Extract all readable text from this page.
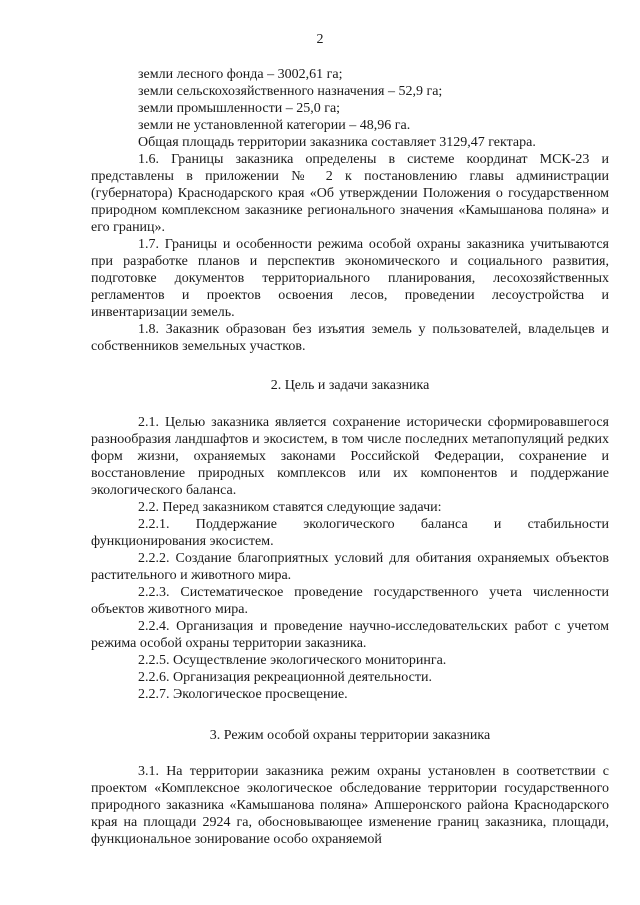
2

земли лесного фонда – 3002,61 га;

земли сельскохозяйственного назначения – 52,9 га;

земли промышленности – 25,0 га;

земли не установленной категории – 48,96 га.

Общая площадь территории заказника составляет 3129,47 гектара.

1.6. Границы заказника определены в системе координат МСК-23 и представлены в приложении № 2 к постановлению главы администрации (губернатора) Краснодарского края «Об утверждении Положения о государственном природном комплексном заказнике регионального значения «Камышанова поляна» и его границ».

1.7. Границы и особенности режима особой охраны заказника учитываются при разработке планов и перспектив экономического и социального развития, подготовке документов территориального планирования, лесохозяйственных регламентов и проектов освоения лесов, проведении лесоустройства и инвентаризации земель.

1.8. Заказник образован без изъятия земель у пользователей, владельцев и собственников земельных участков.

2. Цель и задачи заказника

2.1. Целью заказника является сохранение исторически сформировавшегося разнообразия ландшафтов и экосистем, в том числе последних метапопуляций редких форм жизни, охраняемых законами Российской Федерации, сохранение и восстановление природных комплексов или их компонентов и поддержание экологического баланса.

2.2. Перед заказником ставятся следующие задачи:

2.2.1. Поддержание экологического баланса и стабильности функционирования экосистем.

2.2.2. Создание благоприятных условий для обитания охраняемых объектов растительного и животного мира.

2.2.3. Систематическое проведение государственного учета численности объектов животного мира.

2.2.4. Организация и проведение научно-исследовательских работ с учетом режима особой охраны территории заказника.

2.2.5. Осуществление экологического мониторинга.

2.2.6. Организация рекреационной деятельности.

2.2.7. Экологическое просвещение.

3. Режим особой охраны территории заказника

3.1. На территории заказника режим охраны установлен в соответствии с проектом «Комплексное экологическое обследование территории государственного природного заказника «Камышанова поляна» Апшеронского района Краснодарского края на площади 2924 га, обосновывающее изменение границ заказника, площади, функциональное зонирование особо охраняемой
